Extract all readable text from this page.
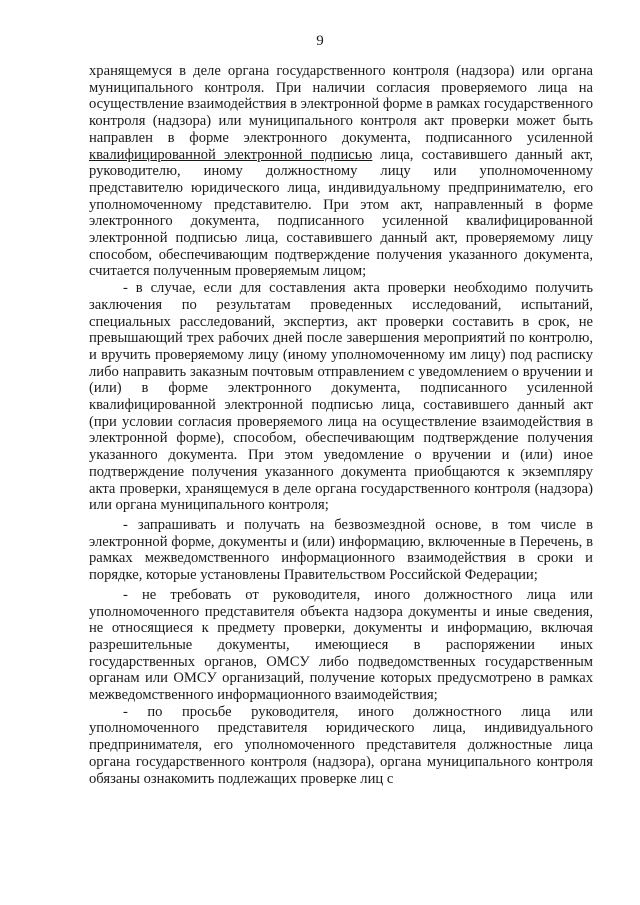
9

хранящемуся в деле органа государственного контроля (надзора) или органа муниципального контроля. При наличии согласия проверяемого лица на осуществление взаимодействия в электронной форме в рамках государственного контроля (надзора) или муниципального контроля акт проверки может быть направлен в форме электронного документа, подписанного усиленной квалифицированной электронной подписью лица, составившего данный акт, руководителю, иному должностному лицу или уполномоченному представителю юридического лица, индивидуальному предпринимателю, его уполномоченному представителю. При этом акт, направленный в форме электронного документа, подписанного усиленной квалифицированной электронной подписью лица, составившего данный акт, проверяемому лицу способом, обеспечивающим подтверждение получения указанного документа, считается полученным проверяемым лицом;

- в случае, если для составления акта проверки необходимо получить заключения по результатам проведенных исследований, испытаний, специальных расследований, экспертиз, акт проверки составить в срок, не превышающий трех рабочих дней после завершения мероприятий по контролю, и вручить проверяемому лицу (иному уполномоченному им лицу) под расписку либо направить заказным почтовым отправлением с уведомлением о вручении и (или) в форме электронного документа, подписанного усиленной квалифицированной электронной подписью лица, составившего данный акт (при условии согласия проверяемого лица на осуществление взаимодействия в электронной форме), способом, обеспечивающим подтверждение получения указанного документа. При этом уведомление о вручении и (или) иное подтверждение получения указанного документа приобщаются к экземпляру акта проверки, хранящемуся в деле органа государственного контроля (надзора) или органа муниципального контроля;

- запрашивать и получать на безвозмездной основе, в том числе в электронной форме, документы и (или) информацию, включенные в Перечень, в рамках межведомственного информационного взаимодействия в сроки и порядке, которые установлены Правительством Российской Федерации;

- не требовать от руководителя, иного должностного лица или уполномоченного представителя объекта надзора документы и иные сведения, не относящиеся к предмету проверки, документы и информацию, включая разрешительные документы, имеющиеся в распоряжении иных государственных органов, ОМСУ либо подведомственных государственным органам или ОМСУ организаций, получение которых предусмотрено в рамках межведомственного информационного взаимодействия;

- по просьбе руководителя, иного должностного лица или уполномоченного представителя юридического лица, индивидуального предпринимателя, его уполномоченного представителя должностные лица органа государственного контроля (надзора), органа муниципального контроля обязаны ознакомить подлежащих проверке лиц с
